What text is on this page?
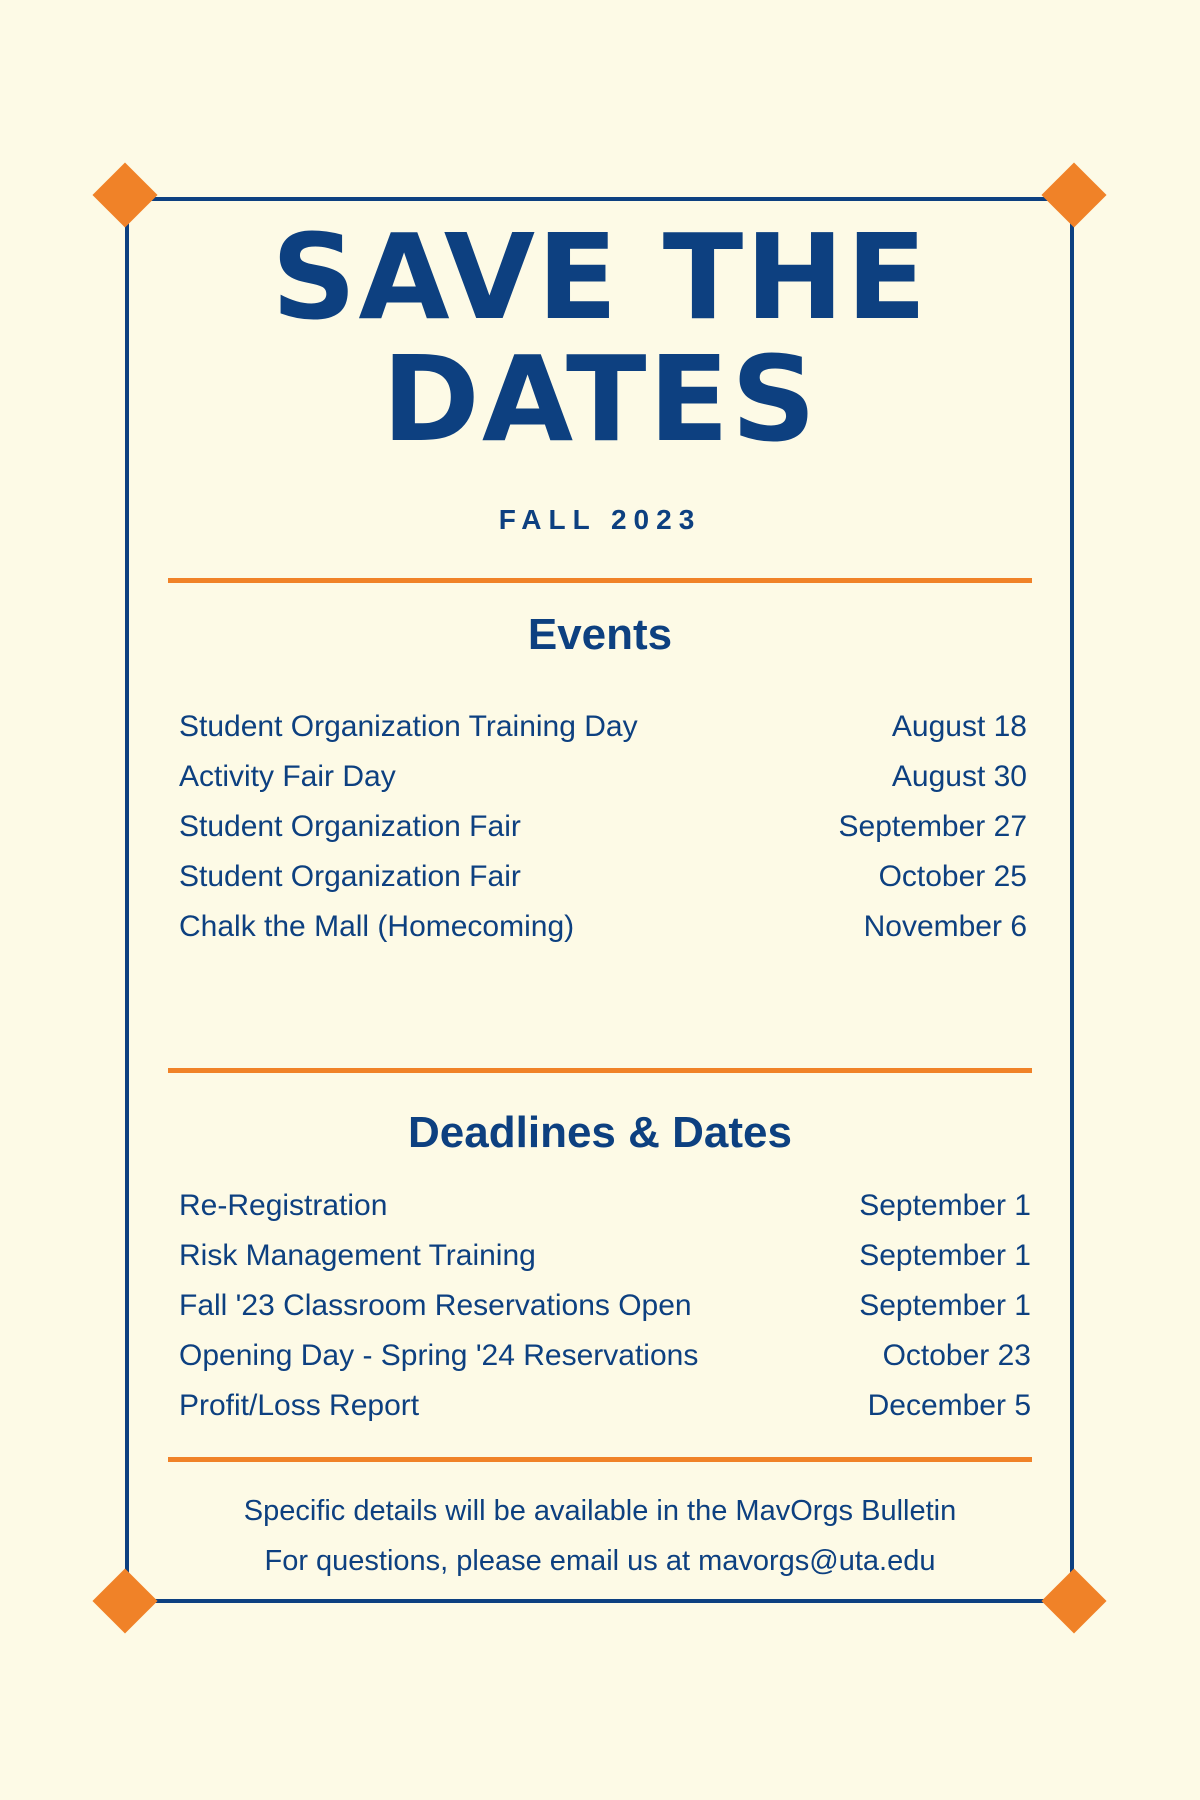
SAVE THE
DATES
FALL 2023
Events
Student Organization Training Day	August 18
Activity Fair Day	August 30
Student Organization Fair	September 27
Student Organization Fair	October 25
Chalk the Mall (Homecoming)	November 6
Deadlines & Dates
Re-Registration	September 1
Risk Management Training	September 1
Fall '23 Classroom Reservations Open	September 1
Opening Day - Spring '24 Reservations	October 23
Profit/Loss Report	December 5
Specific details will be available in the MavOrgs Bulletin
For questions, please email us at mavorgs@uta.edu
